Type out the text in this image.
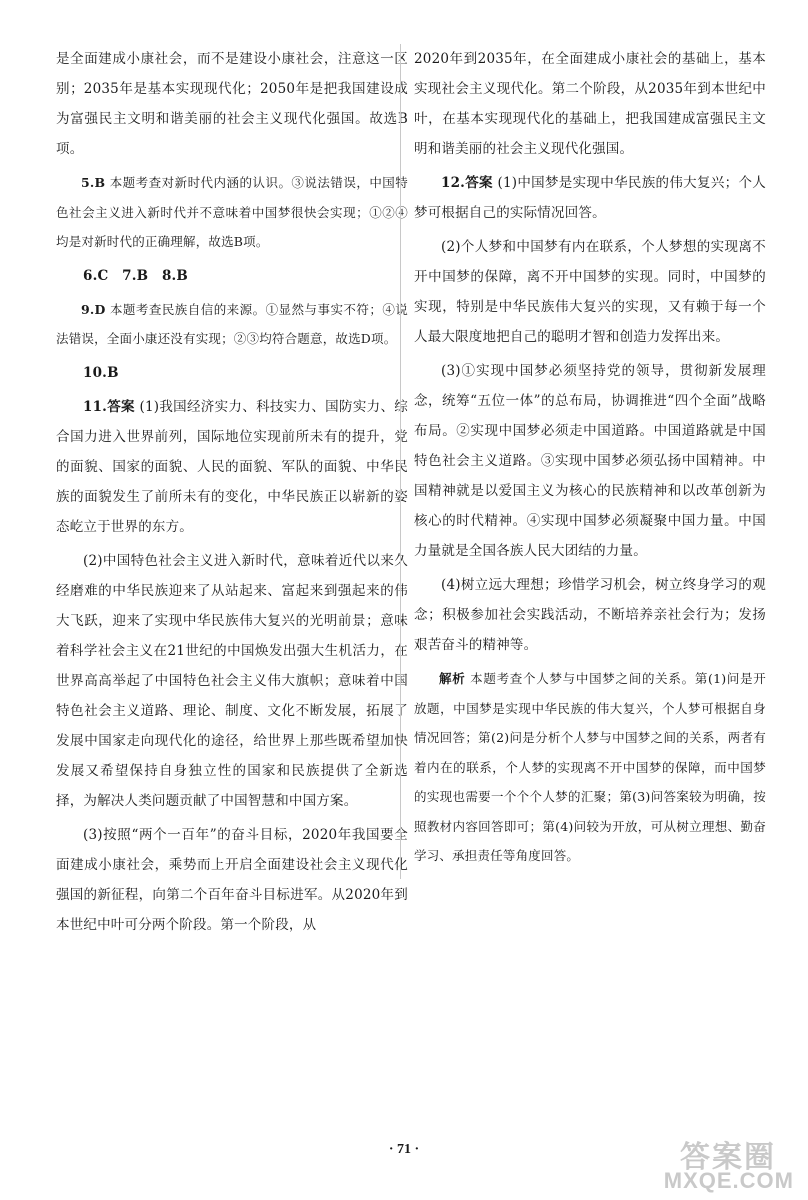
是全面建成小康社会，而不是建设小康社会，注意这一区别；2035年是基本实现现代化；2050年是把我国建设成为富强民主文明和谐美丽的社会主义现代化强国。故选B项。

5.B 本题考查对新时代内涵的认识。③说法错误，中国特色社会主义进入新时代并不意味着中国梦很快会实现；①②④均是对新时代的正确理解，故选B项。

6.C　7.B　8.B

9.D 本题考查民族自信的来源。①显然与事实不符；④说法错误，全面小康还没有实现；②③均符合题意，故选D项。

10.B

11.答案 (1)我国经济实力、科技实力、国防实力、综合国力进入世界前列，国际地位实现前所未有的提升，党的面貌、国家的面貌、人民的面貌、军队的面貌、中华民族的面貌发生了前所未有的变化，中华民族正以崭新的姿态屹立于世界的东方。

(2)中国特色社会主义进入新时代，意味着近代以来久经磨难的中华民族迎来了从站起来、富起来到强起来的伟大飞跃，迎来了实现中华民族伟大复兴的光明前景；意味着科学社会主义在21世纪的中国焕发出强大生机活力，在世界高高举起了中国特色社会主义伟大旗帜；意味着中国特色社会主义道路、理论、制度、文化不断发展，拓展了发展中国家走向现代化的途径，给世界上那些既希望加快发展又希望保持自身独立性的国家和民族提供了全新选择，为解决人类问题贡献了中国智慧和中国方案。

(3)按照“两个一百年”的奋斗目标，2020年我国要全面建成小康社会，乘势而上开启全面建设社会主义现代化强国的新征程，向第二个百年奋斗目标进军。从2020年到本世纪中叶可分两个阶段。第一个阶段，从

2020年到2035年，在全面建成小康社会的基础上，基本实现社会主义现代化。第二个阶段，从2035年到本世纪中叶，在基本实现现代化的基础上，把我国建成富强民主文明和谐美丽的社会主义现代化强国。

12.答案 (1)中国梦是实现中华民族的伟大复兴；个人梦可根据自己的实际情况回答。

(2)个人梦和中国梦有内在联系，个人梦想的实现离不开中国梦的保障，离不开中国梦的实现。同时，中国梦的实现，特别是中华民族伟大复兴的实现，又有赖于每一个人最大限度地把自己的聪明才智和创造力发挥出来。

(3)①实现中国梦必须坚持党的领导，贯彻新发展理念，统筹“五位一体”的总布局，协调推进“四个全面”战略布局。②实现中国梦必须走中国道路。中国道路就是中国特色社会主义道路。③实现中国梦必须弘扬中国精神。中国精神就是以爱国主义为核心的民族精神和以改革创新为核心的时代精神。④实现中国梦必须凝聚中国力量。中国力量就是全国各族人民大团结的力量。

(4)树立远大理想；珍惜学习机会，树立终身学习的观念；积极参加社会实践活动，不断培养亲社会行为；发扬艰苦奋斗的精神等。

解析 本题考查个人梦与中国梦之间的关系。第(1)问是开放题，中国梦是实现中华民族的伟大复兴，个人梦可根据自身情况回答；第(2)问是分析个人梦与中国梦之间的关系，两者有着内在的联系，个人梦的实现离不开中国梦的保障，而中国梦的实现也需要一个个个人梦的汇聚；第(3)问答案较为明确，按照教材内容回答即可；第(4)问较为开放，可从树立理想、勤奋学习、承担责任等角度回答。

· 71 ·	答案圈
MXQE.COM
